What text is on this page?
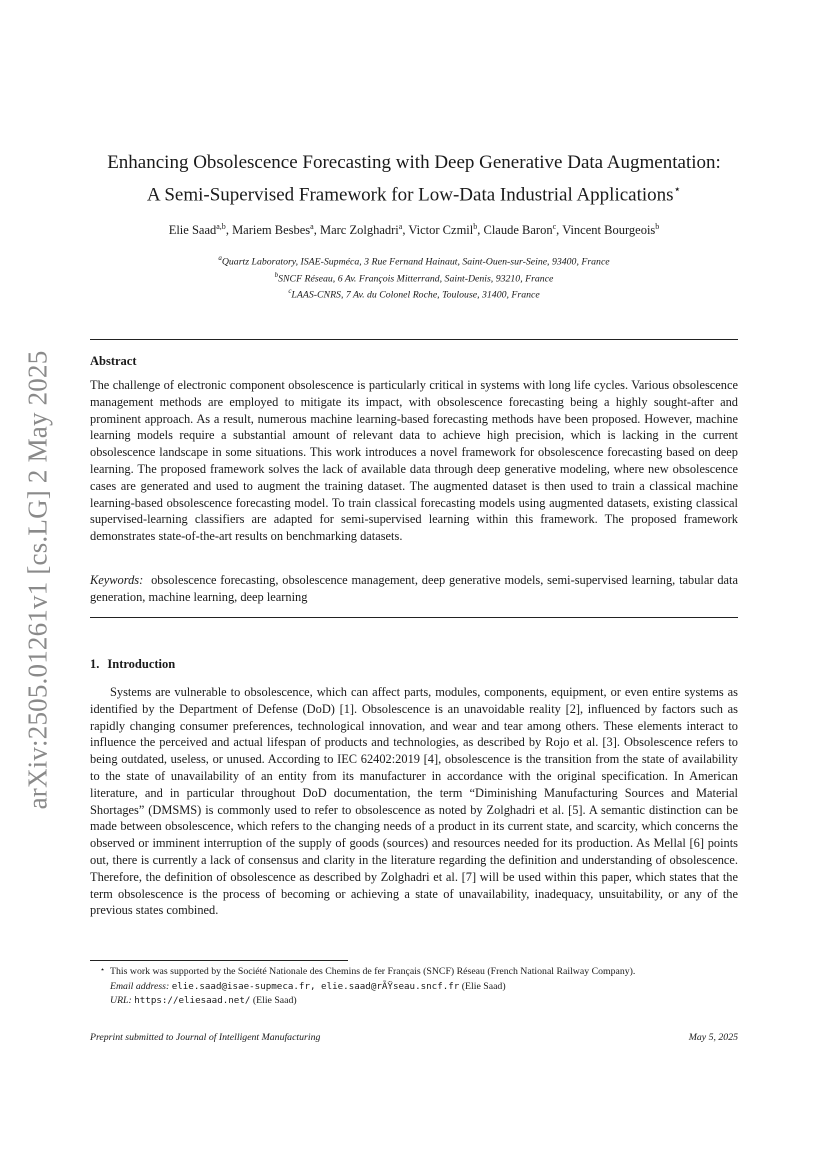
arXiv:2505.01261v1 [cs.LG] 2 May 2025
Enhancing Obsolescence Forecasting with Deep Generative Data Augmentation:
A Semi-Supervised Framework for Low-Data Industrial Applications⋆
Elie Saad$^{a,b}$, Mariem Besbes$^a$, Marc Zolghadri$^a$, Victor Czmil$^b$, Claude Baron$^c$, Vincent Bourgeois$^b$
$^a$Quartz Laboratory, ISAE-Supméca, 3 Rue Fernand Hainaut, Saint-Ouen-sur-Seine, 93400, France
$^b$SNCF Réseau, 6 Av. François Mitterrand, Saint-Denis, 93210, France
$^c$LAAS-CNRS, 7 Av. du Colonel Roche, Toulouse, 31400, France
Abstract
The challenge of electronic component obsolescence is particularly critical in systems with long life cycles. Various obsolescence management methods are employed to mitigate its impact, with obsolescence forecasting being a highly sought-after and prominent approach. As a result, numerous machine learning-based forecasting methods have been proposed. However, machine learning models require a substantial amount of relevant data to achieve high precision, which is lacking in the current obsolescence landscape in some situations. This work introduces a novel framework for obsolescence forecasting based on deep learning. The proposed framework solves the lack of available data through deep generative modeling, where new obsolescence cases are generated and used to augment the training dataset. The augmented dataset is then used to train a classical machine learning-based obsolescence forecasting model. To train classical forecasting models using augmented datasets, existing classical supervised-learning classifiers are adapted for semi-supervised learning within this framework. The proposed framework demonstrates state-of-the-art results on benchmarking datasets.
Keywords: obsolescence forecasting, obsolescence management, deep generative models, semi-supervised learning, tabular data generation, machine learning, deep learning
1. Introduction
Systems are vulnerable to obsolescence, which can affect parts, modules, components, equipment, or even entire systems as identified by the Department of Defense (DoD) [1]. Obsolescence is an unavoidable reality [2], influenced by factors such as rapidly changing consumer preferences, technological innovation, and wear and tear among others. These elements interact to influence the perceived and actual lifespan of products and technologies, as described by Rojo et al. [3]. Obsolescence refers to being outdated, useless, or unused. According to IEC 62402:2019 [4], obsolescence is the transition from the state of availability to the state of unavailability of an entity from its manufacturer in accordance with the original specification. In American literature, and in particular throughout DoD documentation, the term “Diminishing Manufacturing Sources and Material Shortages” (DMSMS) is commonly used to refer to obsolescence as noted by Zolghadri et al. [5]. A semantic distinction can be made between obsolescence, which refers to the changing needs of a product in its current state, and scarcity, which concerns the observed or imminent interruption of the supply of goods (sources) and resources needed for its production. As Mellal [6] points out, there is currently a lack of consensus and clarity in the literature regarding the definition and understanding of obsolescence. Therefore, the definition of obsolescence as described by Zolghadri et al. [7] will be used within this paper, which states that the term obsolescence is the process of becoming or achieving a state of unavailability, inadequacy, unsuitability, or any of the previous states combined.
⋆ This work was supported by the Société Nationale des Chemins de fer Français (SNCF) Réseau (French National Railway Company).
Email address: elie.saad@isae-supmeca.fr, elie.saad@rÃŸseau.sncf.fr (Elie Saad)
URL: https://eliesaad.net/ (Elie Saad)
Preprint submitted to Journal of Intelligent Manufacturing	May 5, 2025
